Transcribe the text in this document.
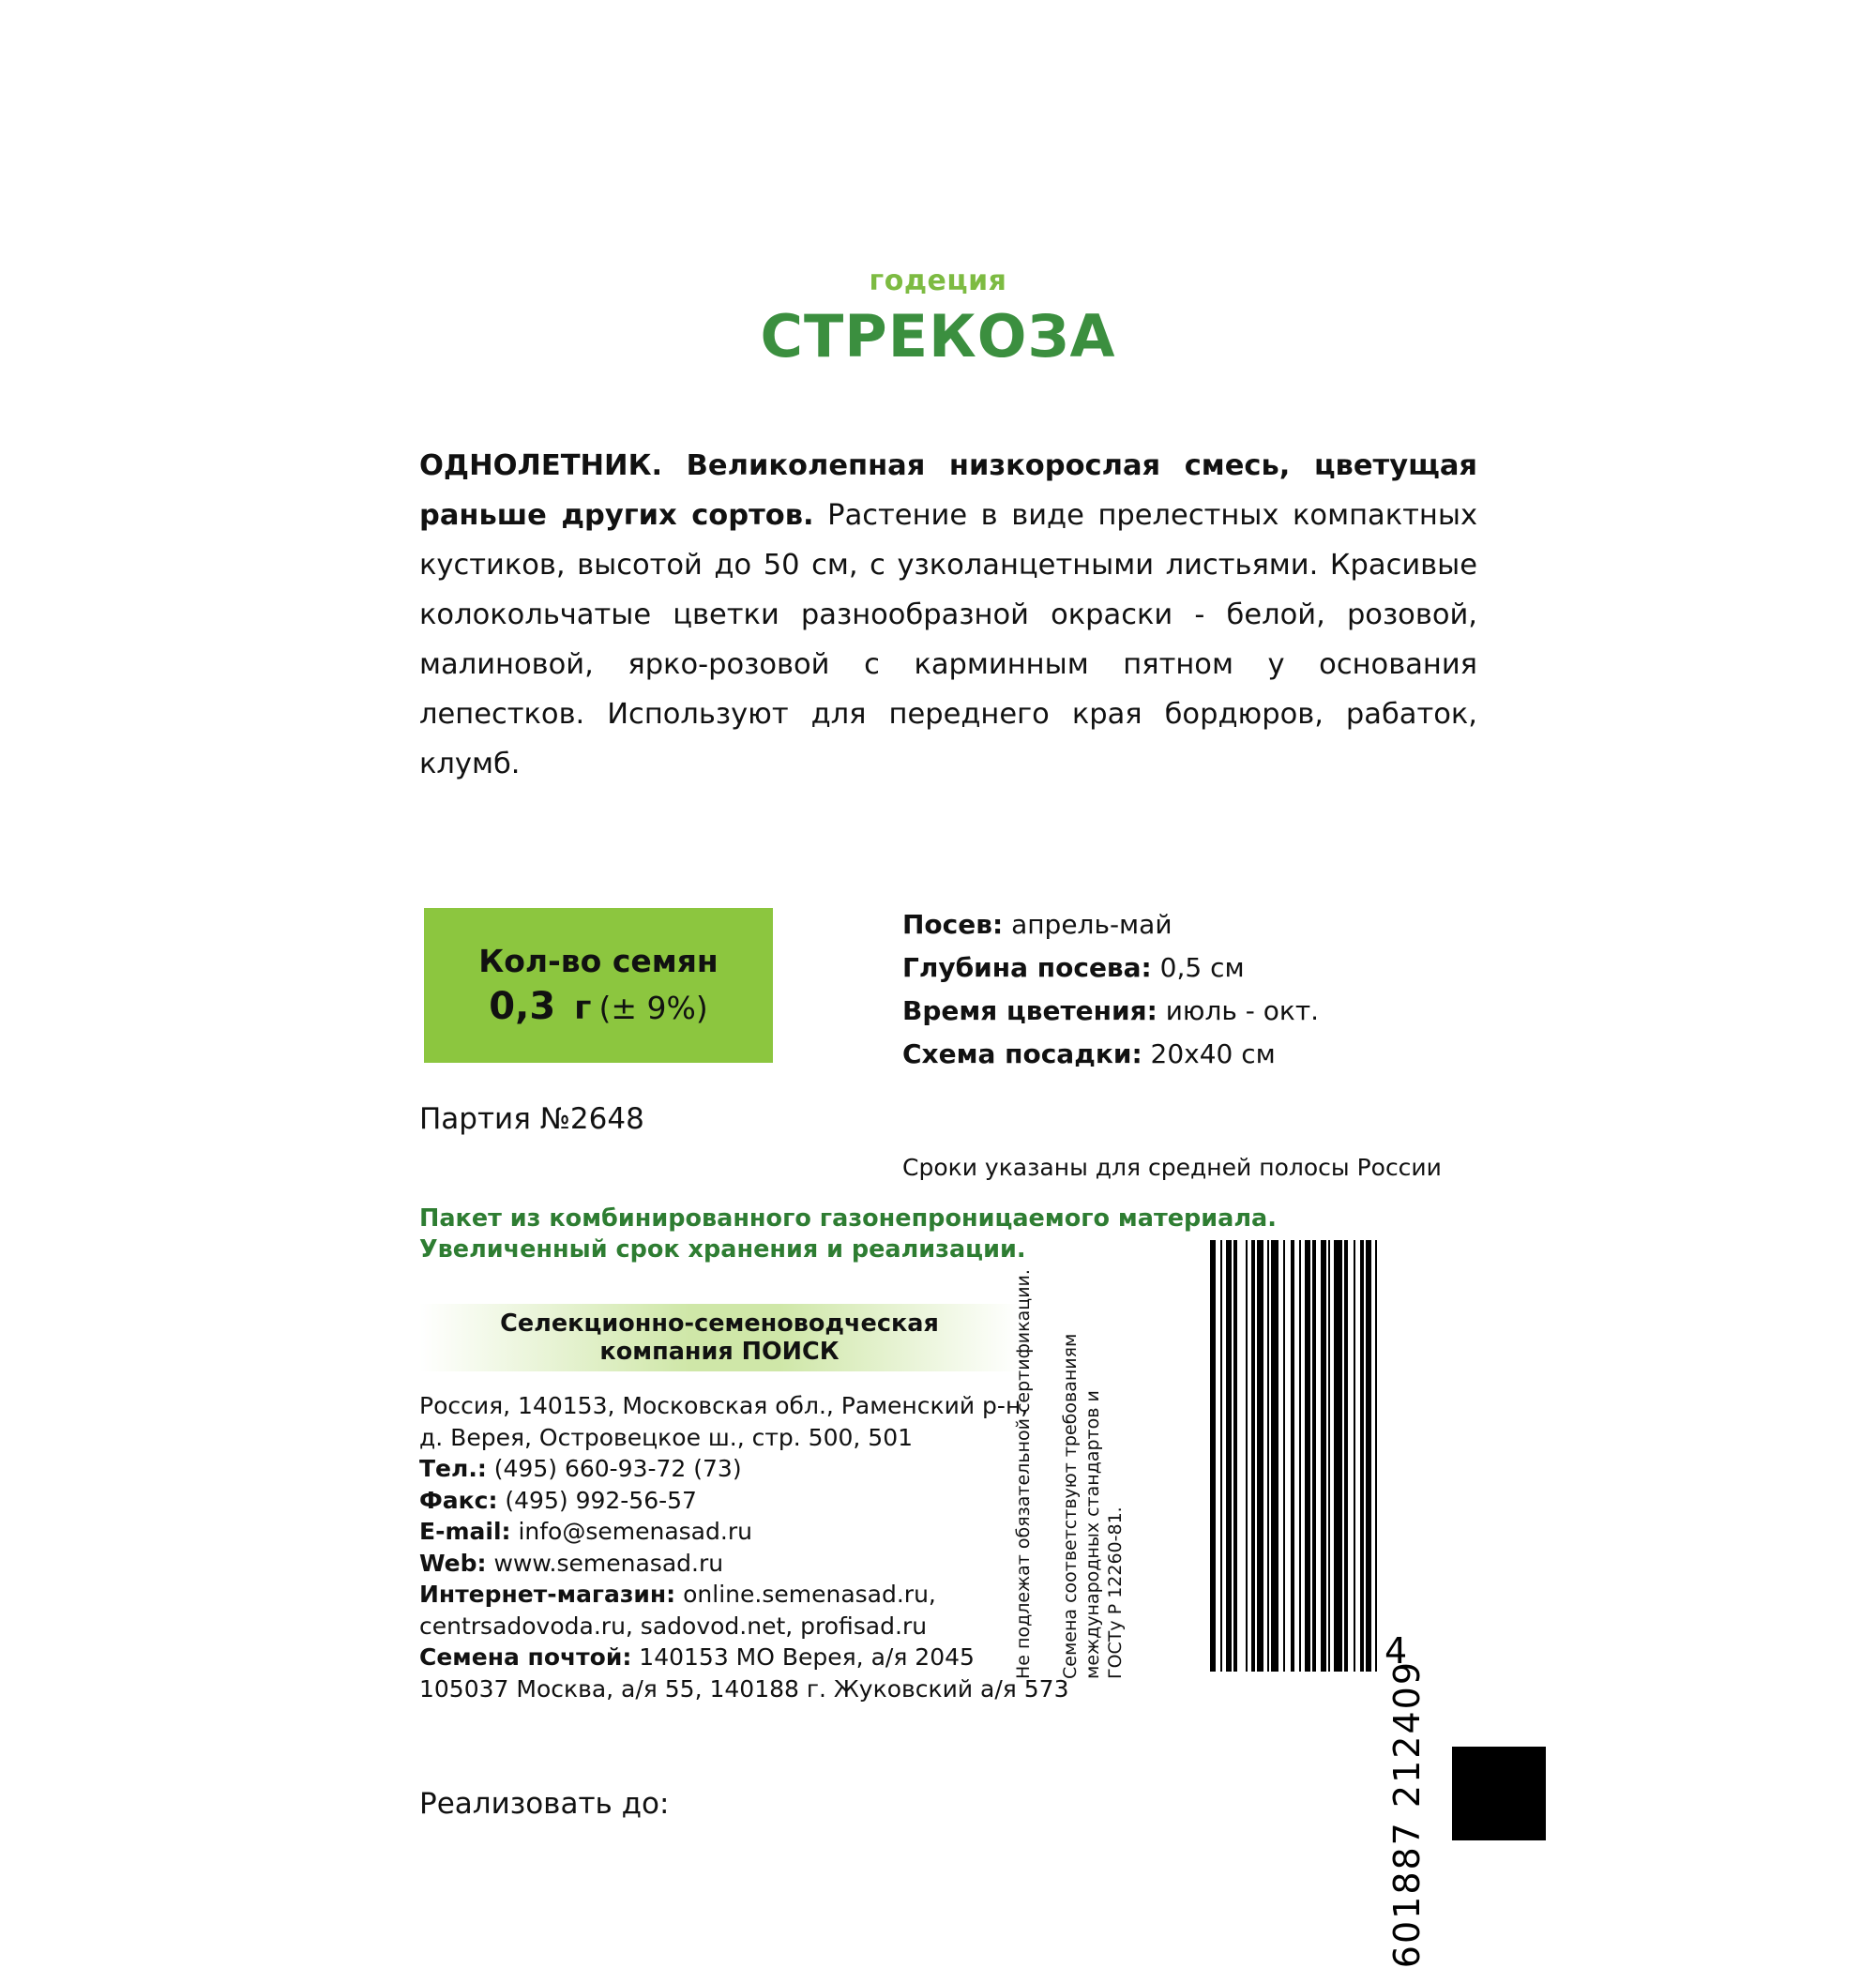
годеция
СТРЕКОЗА
ОДНОЛЕТНИК. Великолепная низкорослая смесь, цветущая раньше других сортов. Растение в виде прелестных компактных кустиков, высотой до 50 см, с узколанцетными листьями. Красивые колокольчатые цветки разнообразной окраски - белой, розовой, малиновой, ярко-розовой с карминным пятном у основания лепестков. Используют для переднего края бордюров, рабаток, клумб.
Кол-во семян
0,3 г (± 9%)
Посев: апрель-май
Глубина посева: 0,5 см
Время цветения: июль - окт.
Схема посадки: 20х40 см
Партия №2648
Сроки указаны для средней полосы России
Пакет из комбинированного газонепроницаемого материала.
Увеличенный срок хранения и реализации.
Селекционно-семеноводческая
компания ПОИСК
Россия, 140153, Московская обл., Раменский р-н,
д. Верея, Островецкое ш., стр. 500, 501
Тел.: (495) 660-93-72 (73)
Факс: (495) 992-56-57
E-mail: info@semenasad.ru
Web: www.semenasad.ru
Интернет-магазин: online.semenasad.ru,
centrsadovoda.ru, sadovod.net, profisad.ru
Семена почтой: 140153 МО Верея, а/я 2045
105037 Москва, а/я 55, 140188 г. Жуковский а/я 573
Реализовать до:
Семена соответствуют требованиям международных стандартов и ГОСТу Р 12260-81.
Не подлежат обязательной сертификации.
601887 212409
4
